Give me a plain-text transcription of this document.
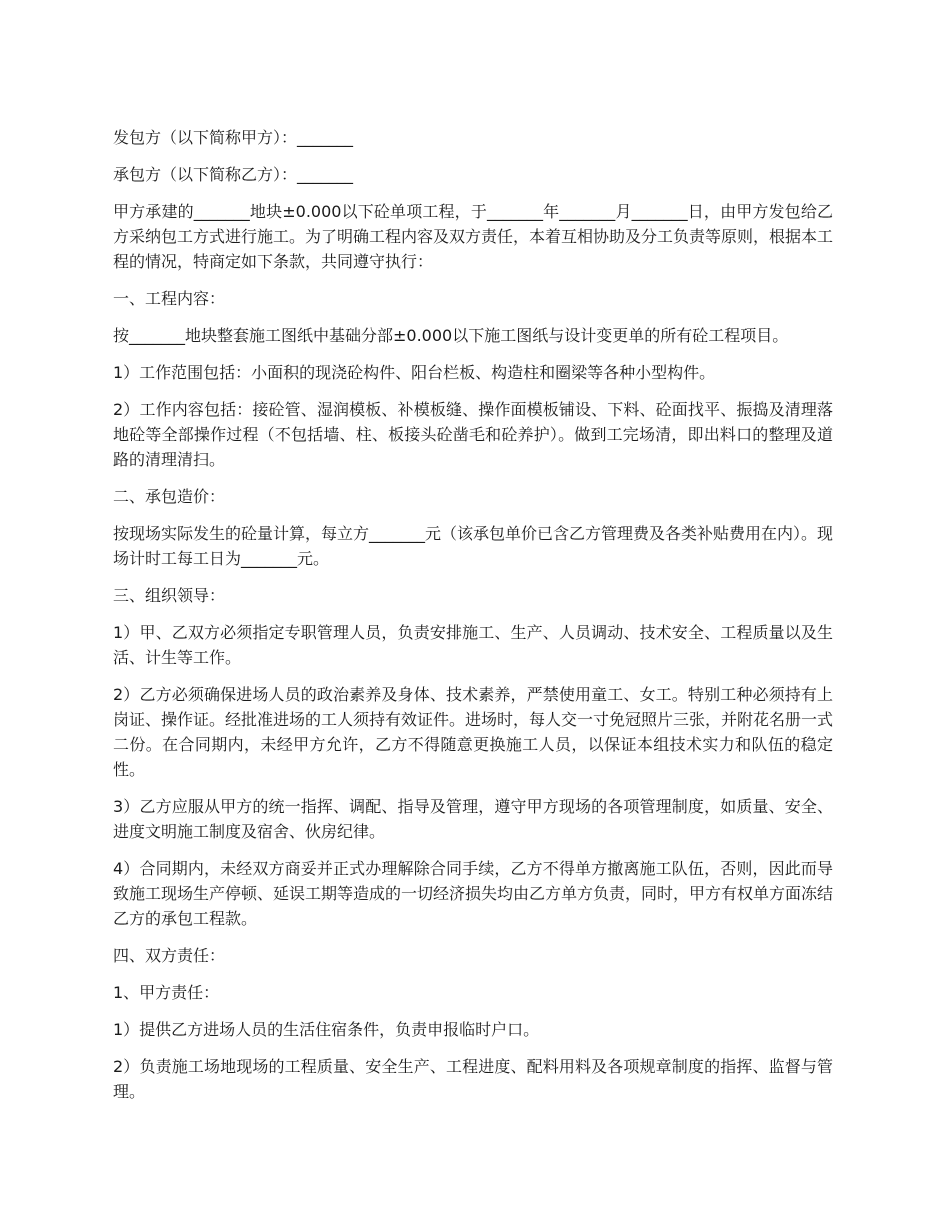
发包方（以下简称甲方）：_______

承包方（以下简称乙方）：_______

甲方承建的_______地块±0.000以下砼单项工程，于_______年_______月_______日，由甲方发包给乙方采纳包工方式进行施工。为了明确工程内容及双方责任，本着互相协助及分工负责等原则，根据本工程的情况，特商定如下条款，共同遵守执行：

一、工程内容：

按_______地块整套施工图纸中基础分部±0.000以下施工图纸与设计变更单的所有砼工程项目。

1）工作范围包括：小面积的现浇砼构件、阳台栏板、构造柱和圈梁等各种小型构件。

2）工作内容包括：接砼管、湿润模板、补模板缝、操作面模板铺设、下料、砼面找平、振捣及清理落地砼等全部操作过程（不包括墙、柱、板接头砼凿毛和砼养护）。做到工完场清，即出料口的整理及道路的清理清扫。

二、承包造价：

按现场实际发生的砼量计算，每立方_______元（该承包单价已含乙方管理费及各类补贴费用在内）。现场计时工每工日为_______元。

三、组织领导：

1）甲、乙双方必须指定专职管理人员，负责安排施工、生产、人员调动、技术安全、工程质量以及生活、计生等工作。

2）乙方必须确保进场人员的政治素养及身体、技术素养，严禁使用童工、女工。特别工种必须持有上岗证、操作证。经批准进场的工人须持有效证件。进场时，每人交一寸免冠照片三张，并附花名册一式二份。在合同期内，未经甲方允许，乙方不得随意更换施工人员，以保证本组技术实力和队伍的稳定性。

3）乙方应服从甲方的统一指挥、调配、指导及管理，遵守甲方现场的各项管理制度，如质量、安全、进度文明施工制度及宿舍、伙房纪律。

4）合同期内，未经双方商妥并正式办理解除合同手续，乙方不得单方撤离施工队伍，否则，因此而导致施工现场生产停顿、延误工期等造成的一切经济损失均由乙方单方负责，同时，甲方有权单方面冻结乙方的承包工程款。

四、双方责任：

1、甲方责任：

1）提供乙方进场人员的生活住宿条件，负责申报临时户口。

2）负责施工场地现场的工程质量、安全生产、工程进度、配料用料及各项规章制度的指挥、监督与管理。
